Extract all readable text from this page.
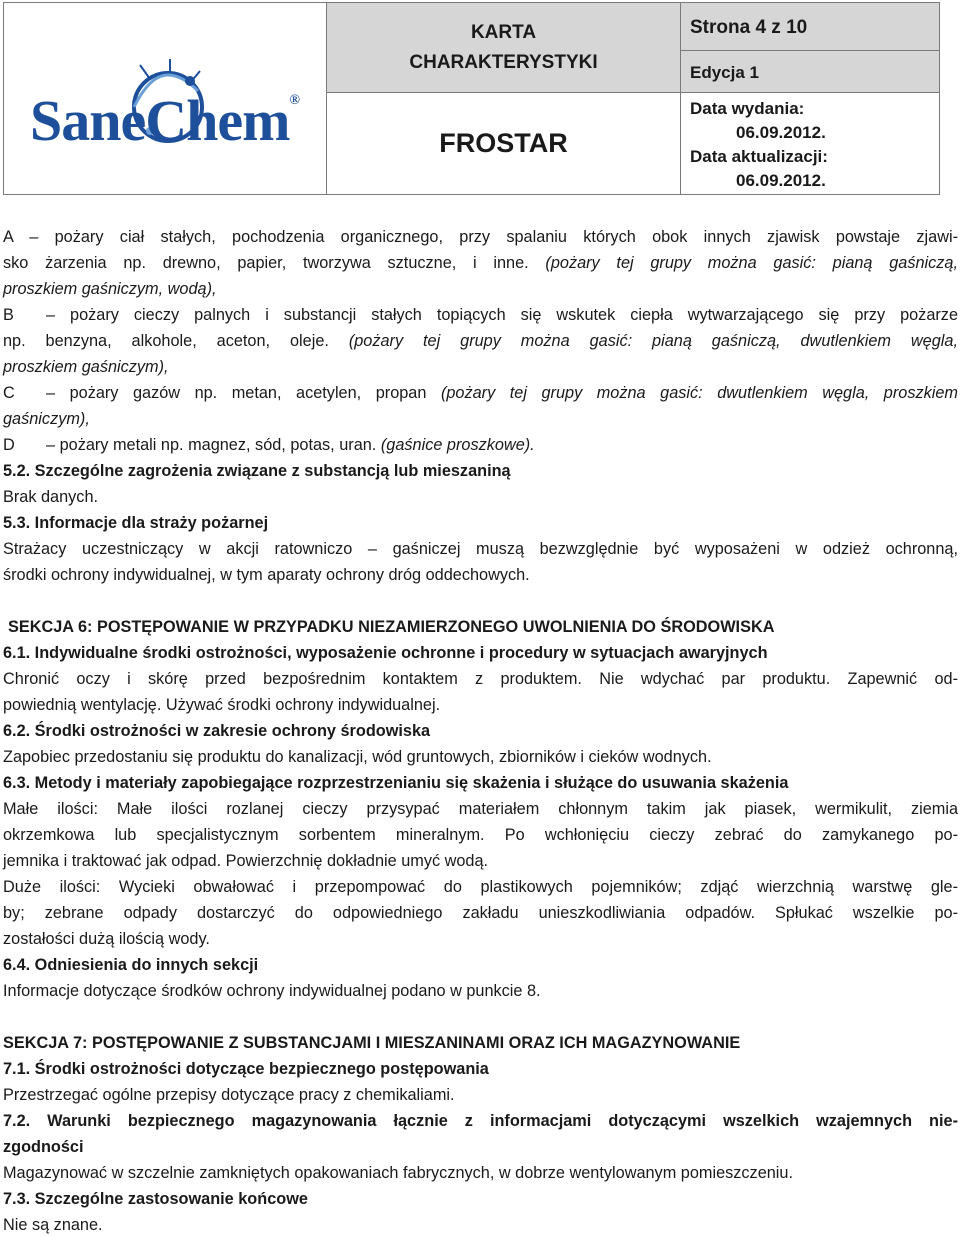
SaneChem®
KARTA
CHARAKTERYSTYKI
FROSTAR
Strona 4 z 10
Edycja 1
Data wydania:
06.09.2012.
Data aktualizacji:
06.09.2012.
A – pożary ciał stałych, pochodzenia organicznego, przy spalaniu których obok innych zjawisk powstaje zjawi-
sko żarzenia np. drewno, papier, tworzywa sztuczne, i inne. (pożary tej grupy można gasić: pianą gaśniczą,
proszkiem gaśniczym, wodą),
B – pożary cieczy palnych i substancji stałych topiących się wskutek ciepła wytwarzającego się przy pożarze
np. benzyna, alkohole, aceton, oleje. (pożary tej grupy można gasić: pianą gaśniczą, dwutlenkiem węgla,
proszkiem gaśniczym),
C – pożary gazów np. metan, acetylen, propan (pożary tej grupy można gasić: dwutlenkiem węgla, proszkiem
gaśniczym),
D – pożary metali np. magnez, sód, potas, uran. (gaśnice proszkowe).
5.2. Szczególne zagrożenia związane z substancją lub mieszaniną
Brak danych.
5.3. Informacje dla straży pożarnej
Strażacy uczestniczący w akcji ratowniczo – gaśniczej muszą bezwzględnie być wyposażeni w odzież ochronną,
środki ochrony indywidualnej, w tym aparaty ochrony dróg oddechowych.
SEKCJA 6: POSTĘPOWANIE W PRZYPADKU NIEZAMIERZONEGO UWOLNIENIA DO ŚRODOWISKA
6.1. Indywidualne środki ostrożności, wyposażenie ochronne i procedury w sytuacjach awaryjnych
Chronić oczy i skórę przed bezpośrednim kontaktem z produktem. Nie wdychać par produktu. Zapewnić od-
powiednią wentylację. Używać środki ochrony indywidualnej.
6.2. Środki ostrożności w zakresie ochrony środowiska
Zapobiec przedostaniu się produktu do kanalizacji, wód gruntowych, zbiorników i cieków wodnych.
6.3. Metody i materiały zapobiegające rozprzestrzenianiu się skażenia i służące do usuwania skażenia
Małe ilości: Małe ilości rozlanej cieczy przysypać materiałem chłonnym takim jak piasek, wermikulit, ziemia
okrzemkowa lub specjalistycznym sorbentem mineralnym. Po wchłonięciu cieczy zebrać do zamykanego po-
jemnika i traktować jak odpad. Powierzchnię dokładnie umyć wodą.
Duże ilości: Wycieki obwałować i przepompować do plastikowych pojemników; zdjąć wierzchnią warstwę gle-
by; zebrane odpady dostarczyć do odpowiedniego zakładu unieszkodliwiania odpadów. Spłukać wszelkie po-
zostałości dużą ilością wody.
6.4. Odniesienia do innych sekcji
Informacje dotyczące środków ochrony indywidualnej podano w punkcie 8.
SEKCJA 7: POSTĘPOWANIE Z SUBSTANCJAMI I MIESZANINAMI ORAZ ICH MAGAZYNOWANIE
7.1. Środki ostrożności dotyczące bezpiecznego postępowania
Przestrzegać ogólne przepisy dotyczące pracy z chemikaliami.
7.2. Warunki bezpiecznego magazynowania łącznie z informacjami dotyczącymi wszelkich wzajemnych nie-
zgodności
Magazynować w szczelnie zamkniętych opakowaniach fabrycznych, w dobrze wentylowanym pomieszczeniu.
7.3. Szczególne zastosowanie końcowe
Nie są znane.
